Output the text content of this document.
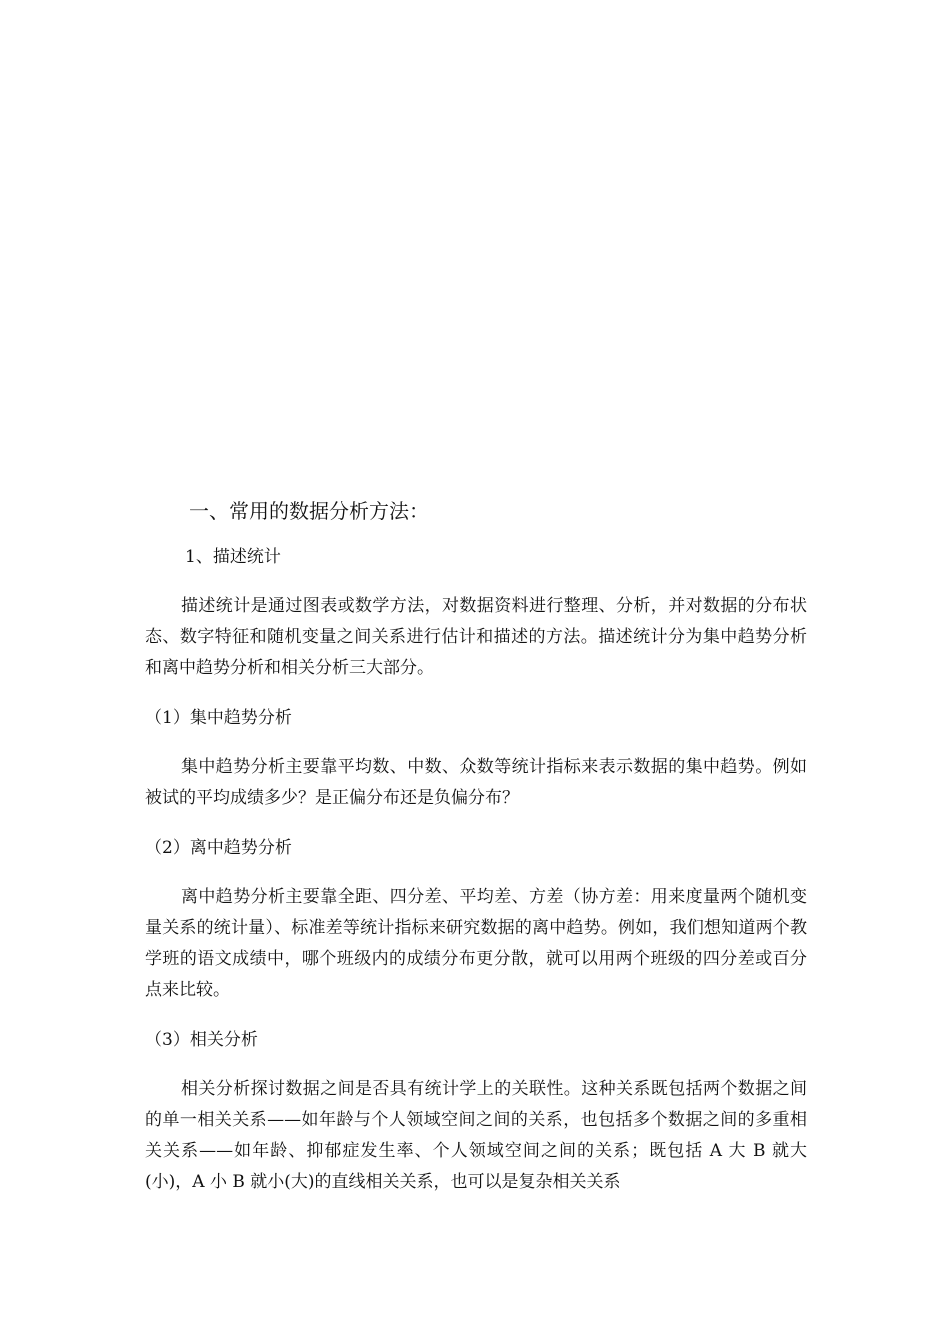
一、常用的数据分析方法：
1、描述统计

描述统计是通过图表或数学方法，对数据资料进行整理、分析，并对数据的分布状态、数字特征和随机变量之间关系进行估计和描述的方法。描述统计分为集中趋势分析和离中趋势分析和相关分析三大部分。

（1）集中趋势分析

集中趋势分析主要靠平均数、中数、众数等统计指标来表示数据的集中趋势。例如被试的平均成绩多少？是正偏分布还是负偏分布？

（2）离中趋势分析

离中趋势分析主要靠全距、四分差、平均差、方差（协方差：用来度量两个随机变量关系的统计量）、标准差等统计指标来研究数据的离中趋势。例如，我们想知道两个教学班的语文成绩中，哪个班级内的成绩分布更分散，就可以用两个班级的四分差或百分点来比较。

（3）相关分析

相关分析探讨数据之间是否具有统计学上的关联性。这种关系既包括两个数据之间的单一相关关系——如年龄与个人领域空间之间的关系，也包括多个数据之间的多重相关关系——如年龄、抑郁症发生率、个人领域空间之间的关系；既包括 A 大 B 就大(小)，A 小 B 就小(大)的直线相关关系，也可以是复杂相关关系
